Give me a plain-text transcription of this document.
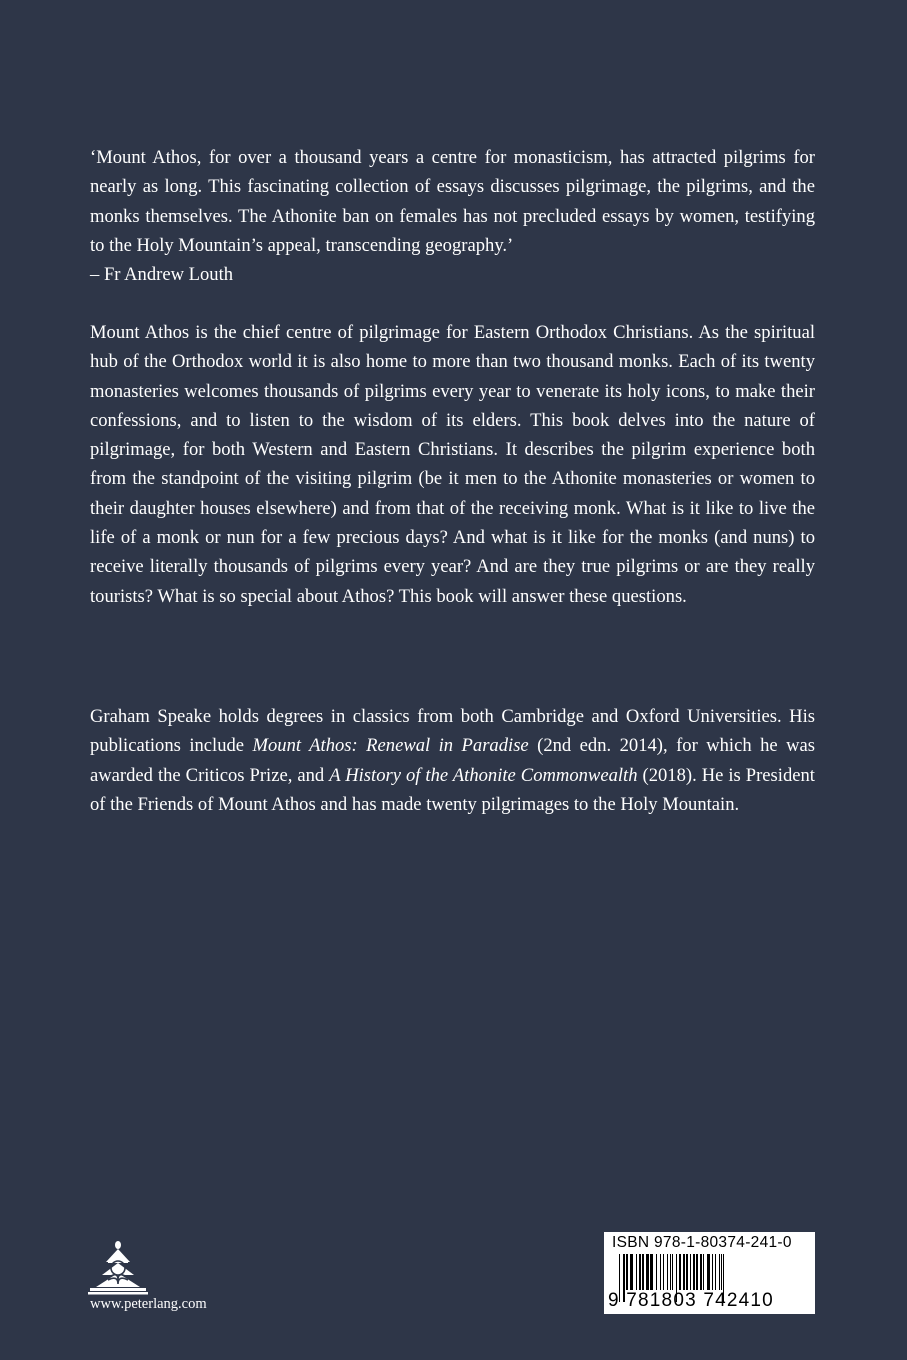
‘Mount Athos, for over a thousand years a centre for monasticism, has attracted pilgrims for nearly as long. This fascinating collection of essays discusses pilgrimage, the pilgrims, and the monks themselves. The Athonite ban on females has not precluded essays by women, testifying to the Holy Mountain’s appeal, transcending geography.’

– Fr Andrew Louth

Mount Athos is the chief centre of pilgrimage for Eastern Orthodox Christians. As the spiritual hub of the Orthodox world it is also home to more than two thousand monks. Each of its twenty monasteries welcomes thousands of pilgrims every year to venerate its holy icons, to make their confessions, and to listen to the wisdom of its elders. This book delves into the nature of pilgrimage, for both Western and Eastern Christians. It describes the pilgrim experience both from the standpoint of the visiting pilgrim (be it men to the Athonite monasteries or women to their daughter houses elsewhere) and from that of the receiving monk. What is it like to live the life of a monk or nun for a few precious days? And what is it like for the monks (and nuns) to receive literally thousands of pilgrims every year? And are they true pilgrims or are they really tourists? What is so special about Athos? This book will answer these questions.

Graham Speake holds degrees in classics from both Cambridge and Oxford Universities. His publications include Mount Athos: Renewal in Paradise (2nd edn. 2014), for which he was awarded the Criticos Prize, and A History of the Athonite Commonwealth (2018). He is President of the Friends of Mount Athos and has made twenty pilgrimages to the Holy Mountain.

www.peterlang.com
ISBN 978-1-80374-241-0
9 781803 742410
